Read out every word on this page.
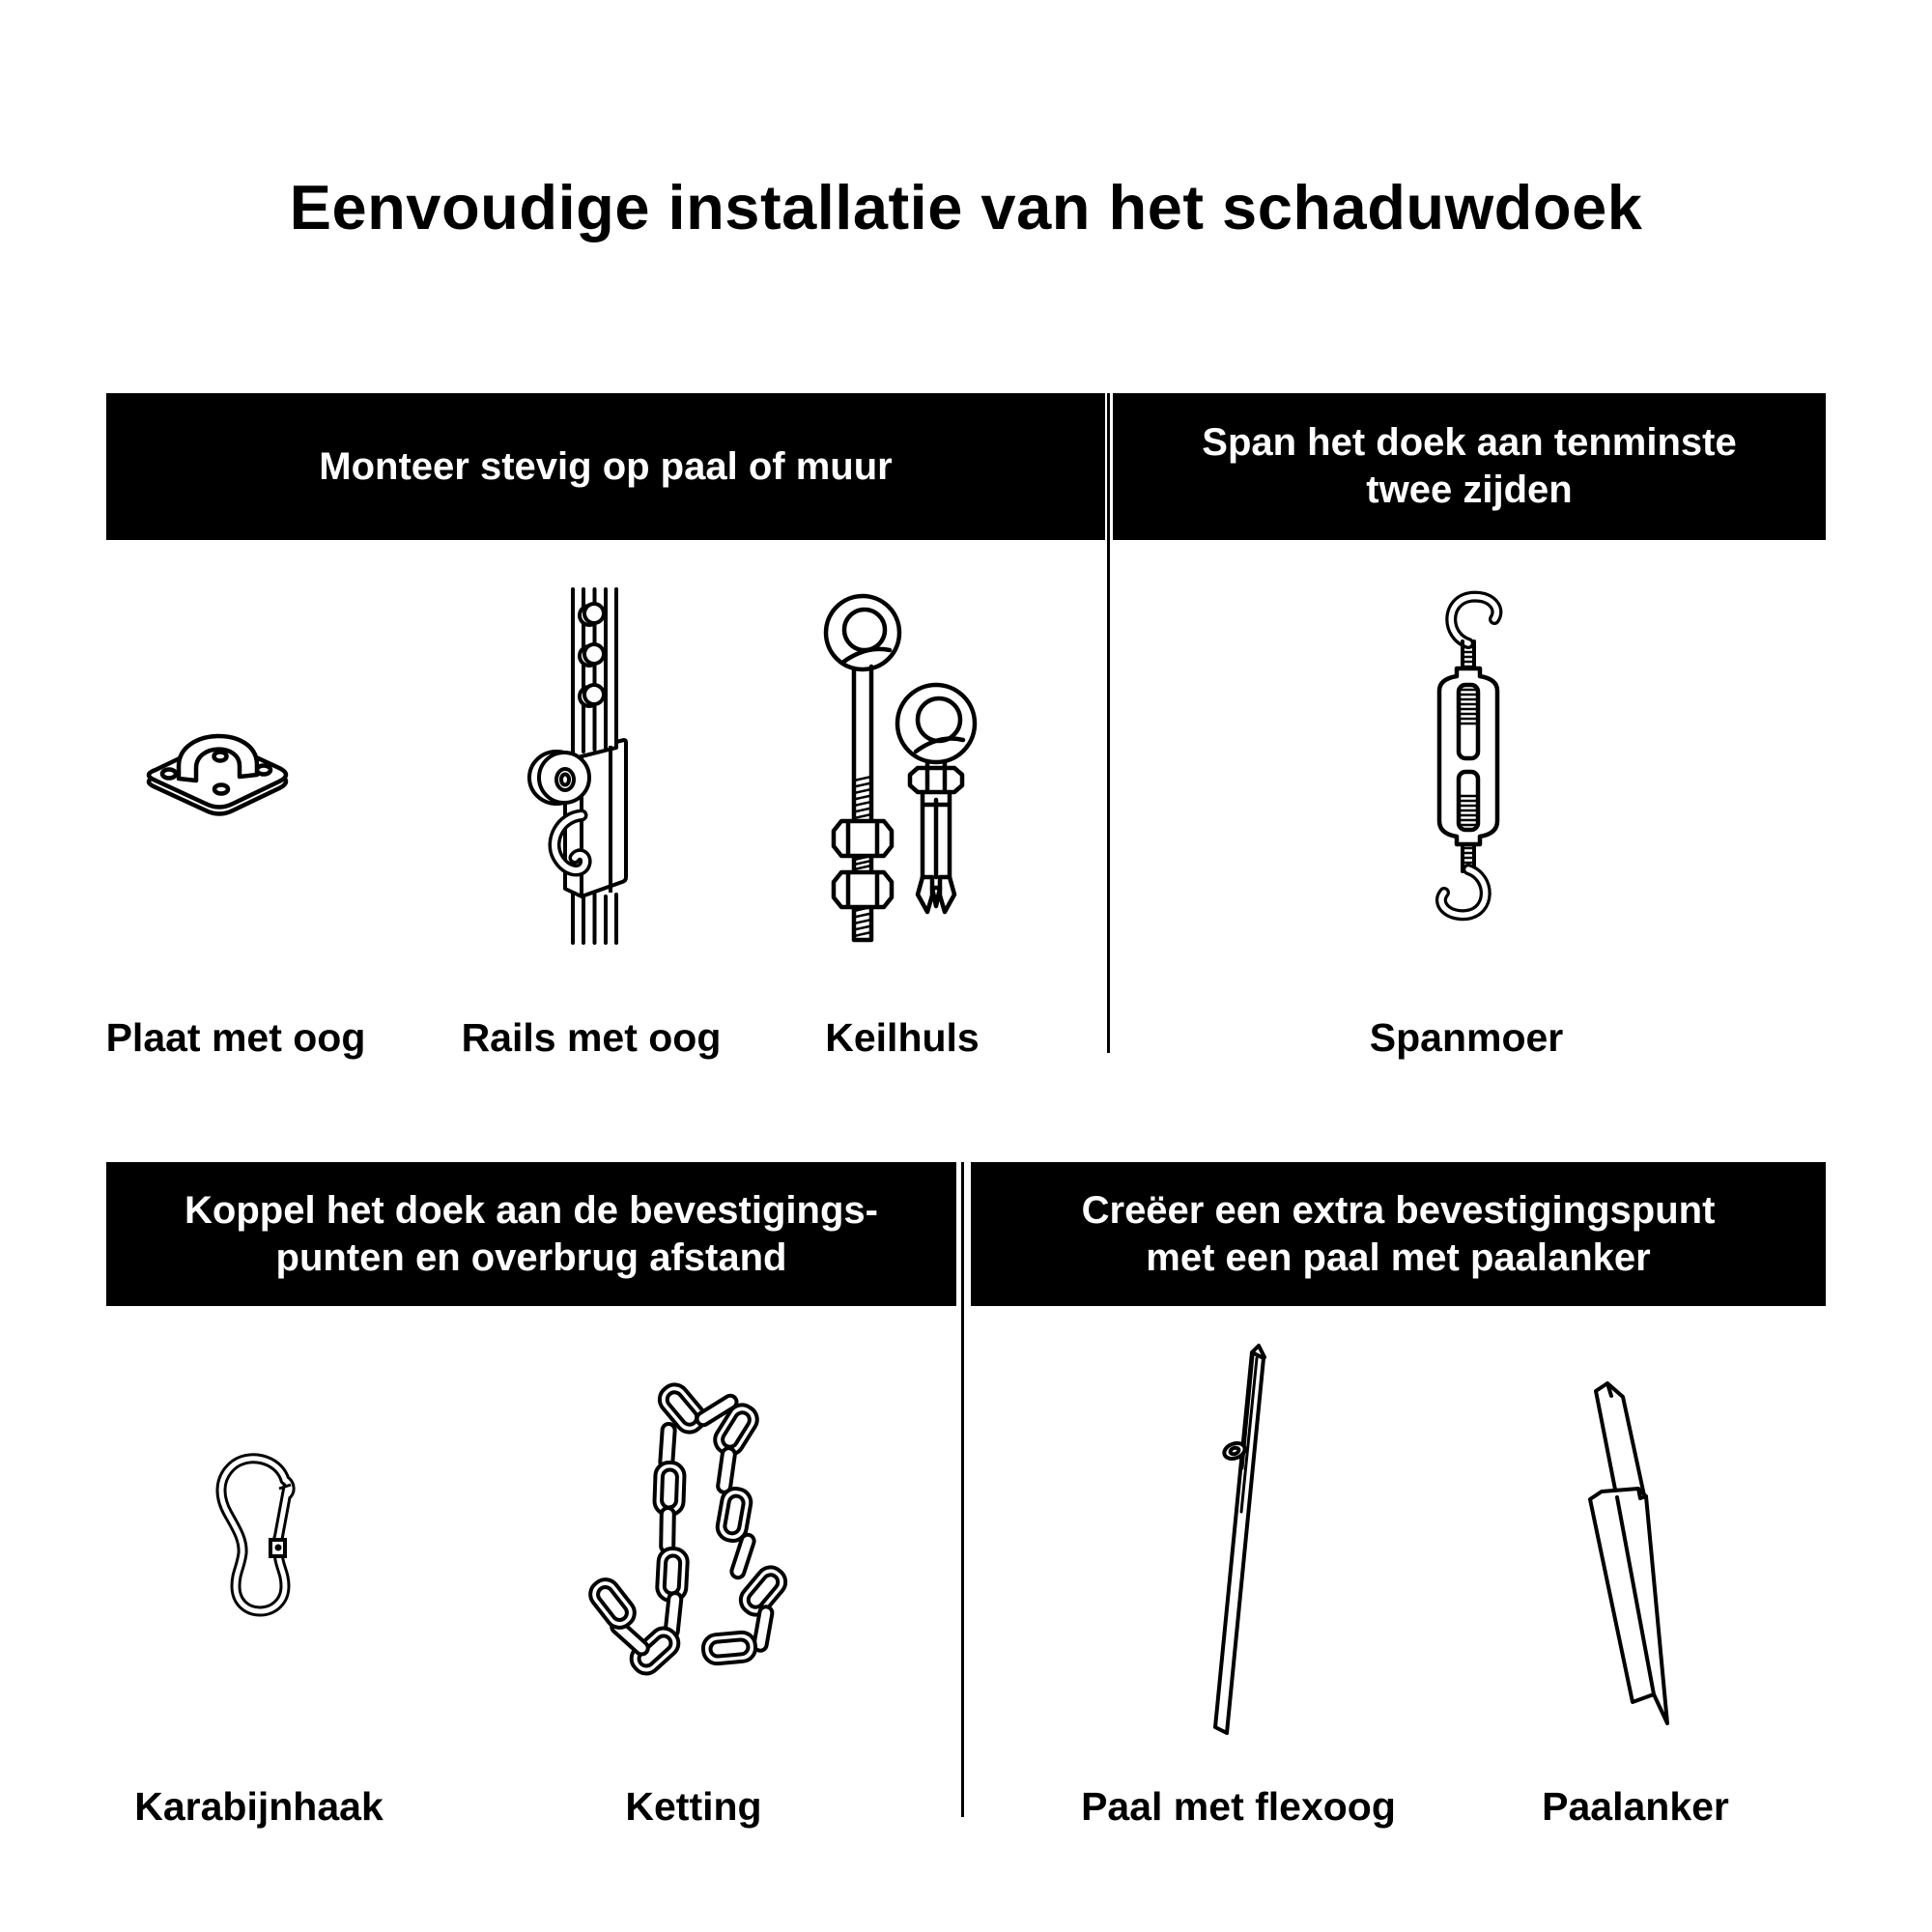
Eenvoudige installatie van het schaduwdoek
Monteer stevig op paal of muur
Span het doek aan tenminste
twee zijden
Plaat met oog	Rails met oog	Keilhuls	Spanmoer
Koppel het doek aan de bevestigings-
punten en overbrug afstand
Creëer een extra bevestigingspunt
met een paal met paalanker
Karabijnhaak	Ketting	Paal met flexoog	Paalanker
